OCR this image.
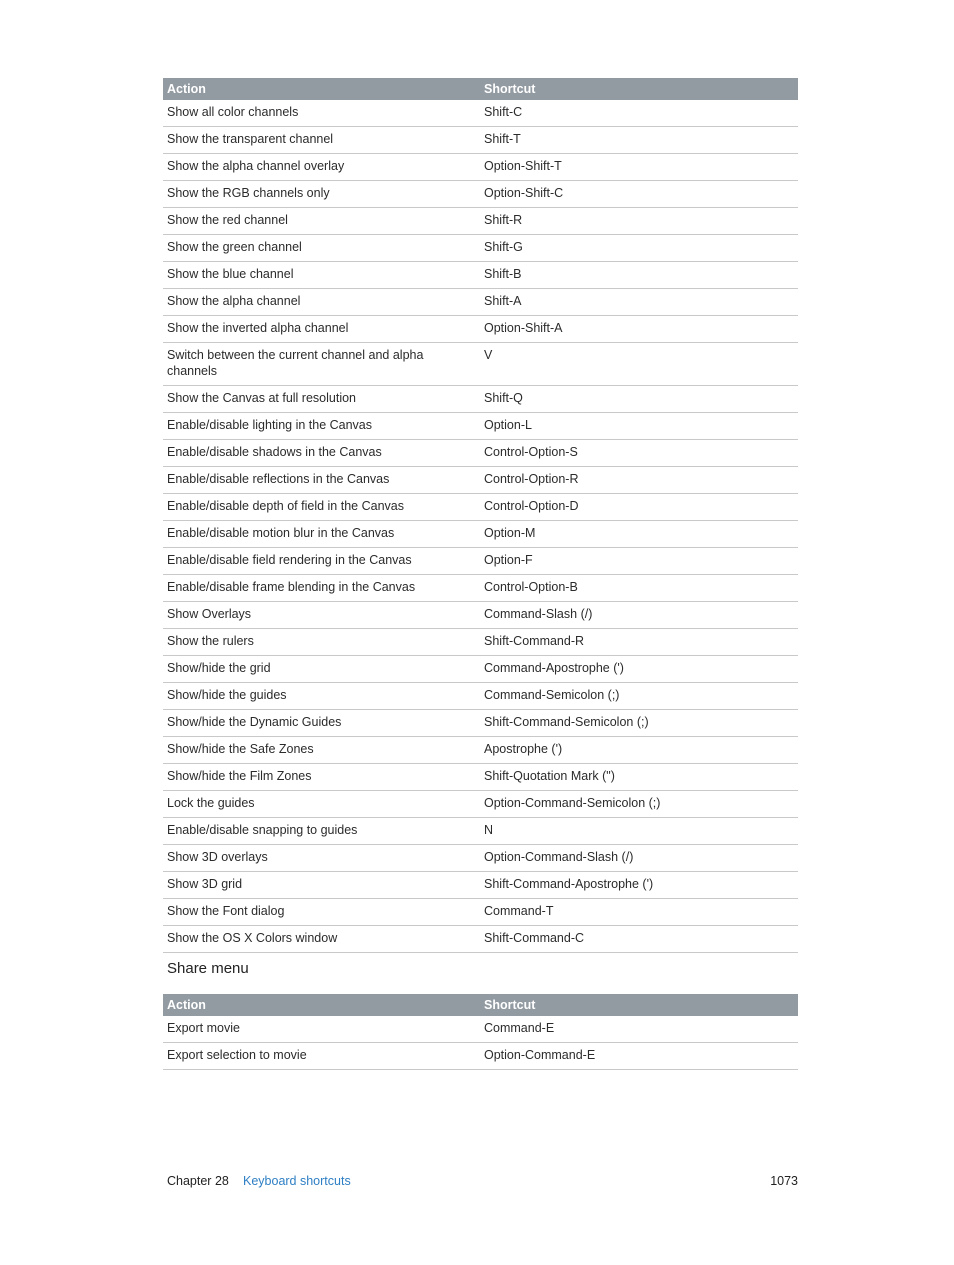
Action	Shortcut
Show all color channels	Shift-C
Show the transparent channel	Shift-T
Show the alpha channel overlay	Option-Shift-T
Show the RGB channels only	Option-Shift-C
Show the red channel	Shift-R
Show the green channel	Shift-G
Show the blue channel	Shift-B
Show the alpha channel	Shift-A
Show the inverted alpha channel	Option-Shift-A
Switch between the current channel and alpha channels	V
Show the Canvas at full resolution	Shift-Q
Enable/disable lighting in the Canvas	Option-L
Enable/disable shadows in the Canvas	Control-Option-S
Enable/disable reflections in the Canvas	Control-Option-R
Enable/disable depth of field in the Canvas	Control-Option-D
Enable/disable motion blur in the Canvas	Option-M
Enable/disable field rendering in the Canvas	Option-F
Enable/disable frame blending in the Canvas	Control-Option-B
Show Overlays	Command-Slash (/)
Show the rulers	Shift-Command-R
Show/hide the grid	Command-Apostrophe (')
Show/hide the guides	Command-Semicolon (;)
Show/hide the Dynamic Guides	Shift-Command-Semicolon (;)
Show/hide the Safe Zones	Apostrophe (')
Show/hide the Film Zones	Shift-Quotation Mark (")
Lock the guides	Option-Command-Semicolon (;)
Enable/disable snapping to guides	N
Show 3D overlays	Option-Command-Slash (/)
Show 3D grid	Shift-Command-Apostrophe (')
Show the Font dialog	Command-T
Show the OS X Colors window	Shift-Command-C
Share menu
Action	Shortcut
Export movie	Command-E
Export selection to movie	Option-Command-E
Chapter 28 Keyboard shortcuts	1073
